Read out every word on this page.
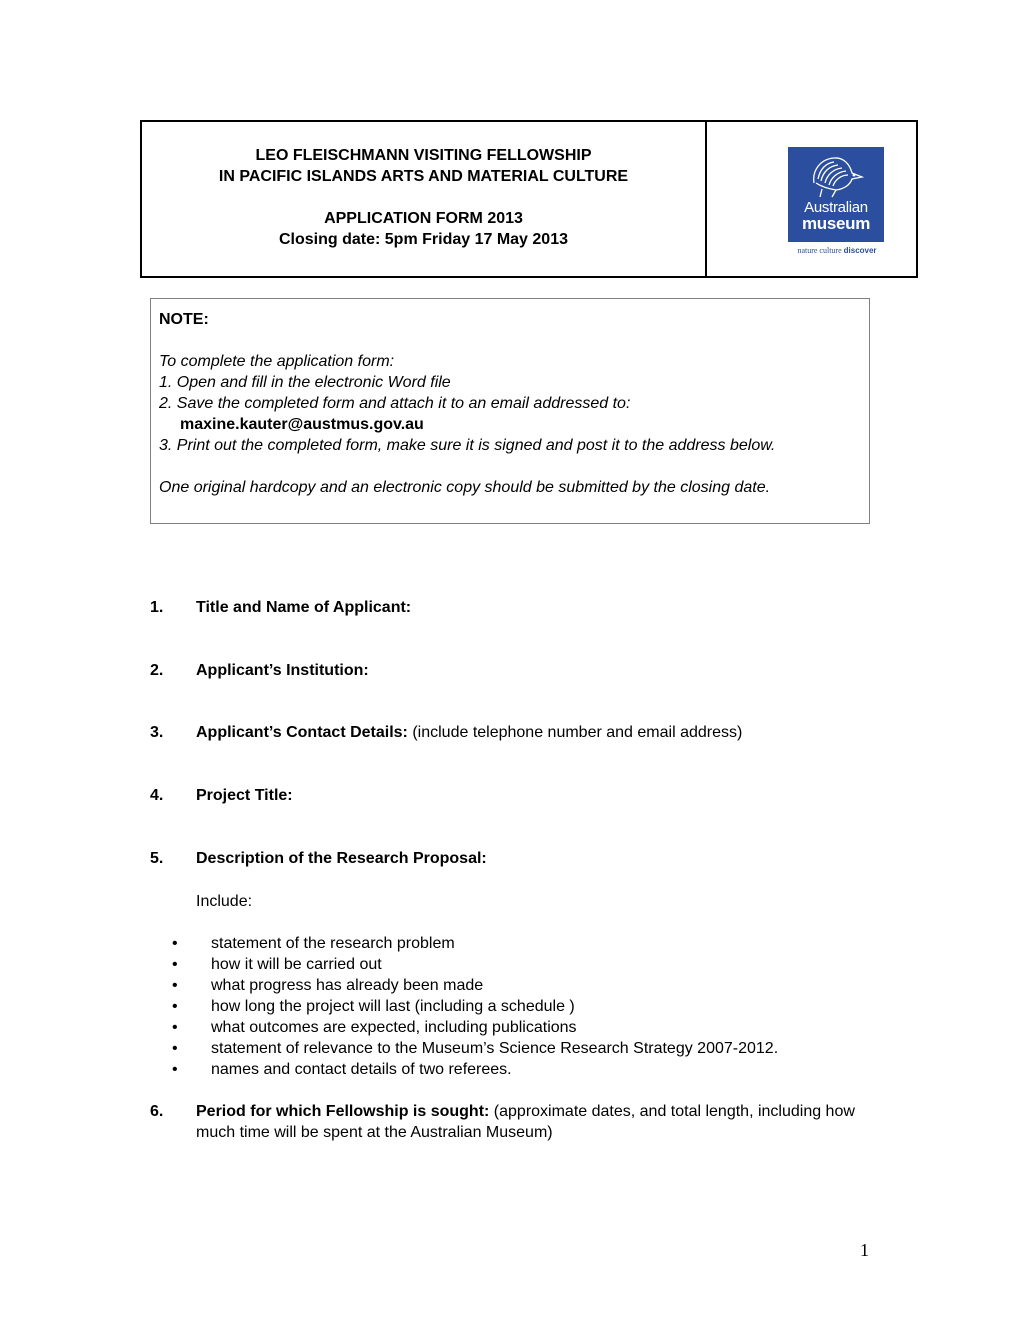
LEO FLEISCHMANN VISITING FELLOWSHIP
IN PACIFIC ISLANDS ARTS AND MATERIAL CULTURE
APPLICATION FORM 2013
Closing date: 5pm Friday 17 May 2013
Australian
museum
nature culture discover
NOTE:
To complete the application form:
1. Open and fill in the electronic Word file
2. Save the completed form and attach it to an email addressed to:
maxine.kauter@austmus.gov.au
3. Print out the completed form, make sure it is signed and post it to the address below.
One original hardcopy and an electronic copy should be submitted by the closing date.
1.	Title and Name of Applicant:
2.	Applicant’s Institution:
3.	Applicant’s Contact Details: (include telephone number and email address)
4.	Project Title:
5.	Description of the Research Proposal:
Include:
• statement of the research problem
• how it will be carried out
• what progress has already been made
• how long the project will last (including a schedule )
• what outcomes are expected, including publications
• statement of relevance to the Museum’s Science Research Strategy 2007-2012.
• names and contact details of two referees.
6.	Period for which Fellowship is sought: (approximate dates, and total length, including how much time will be spent at the Australian Museum)
1
